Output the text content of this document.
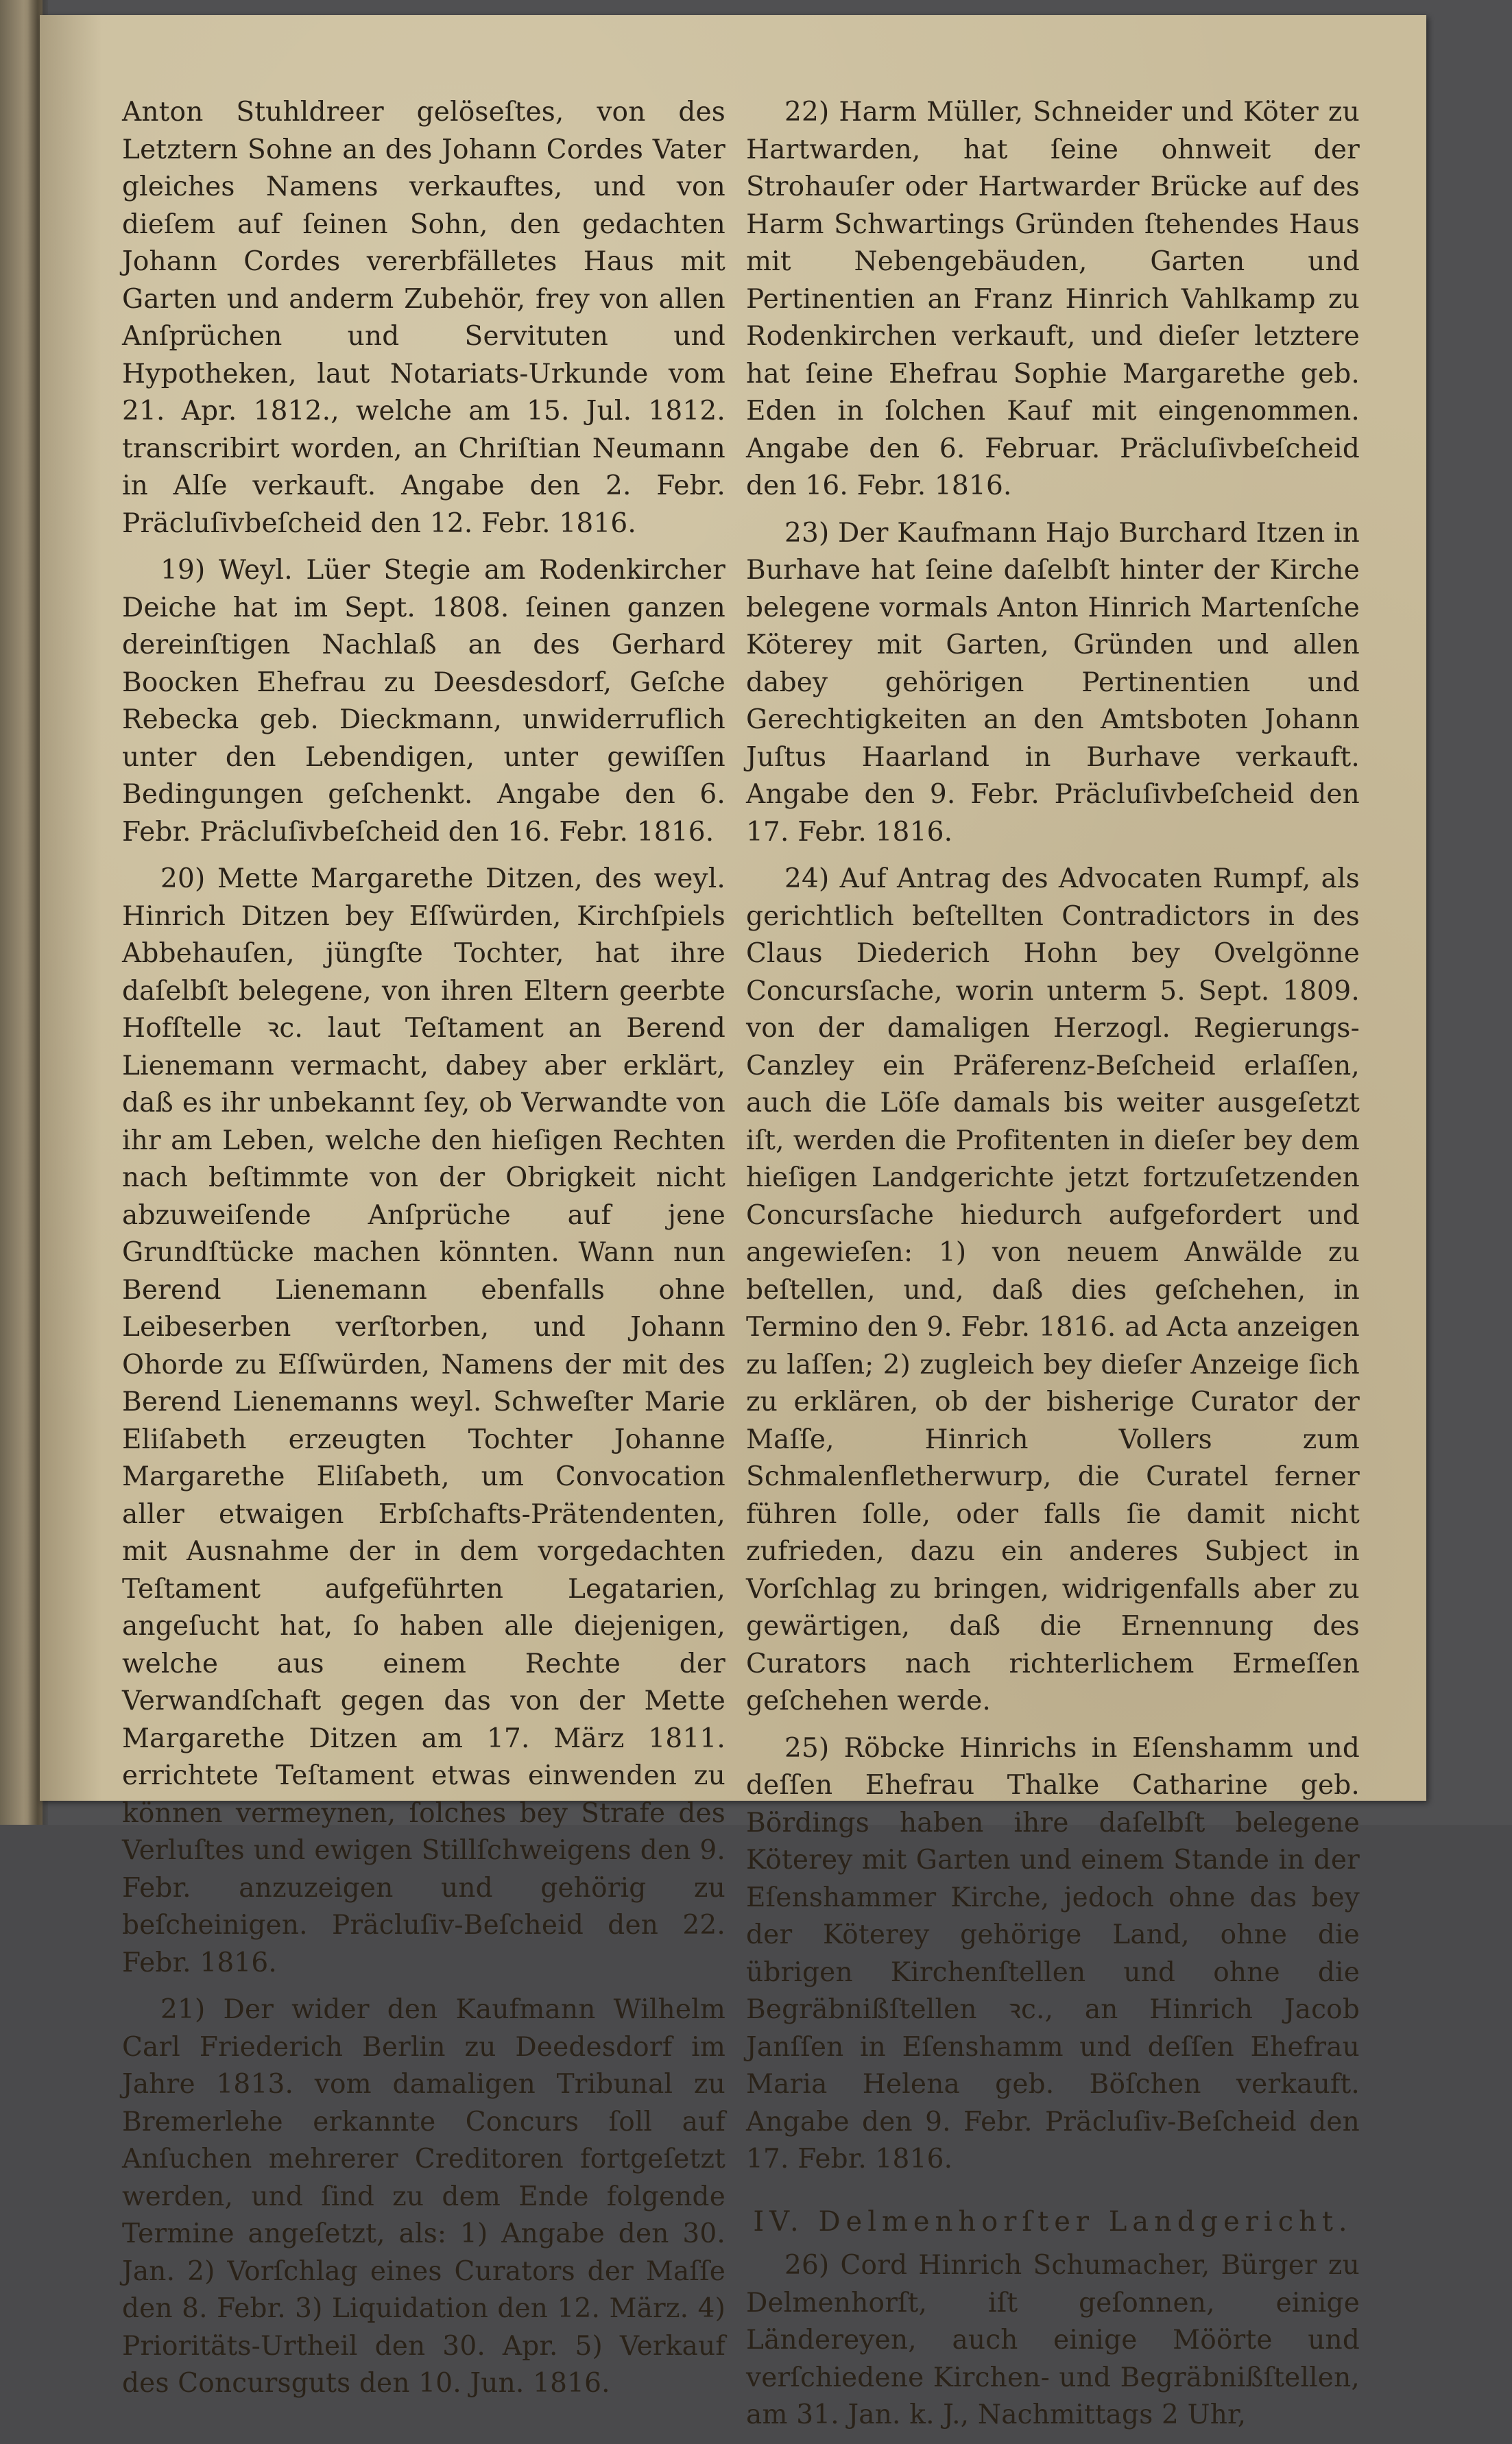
Anton Stuhldreer gelöseſtes, von des Letztern Sohne an des Johann Cordes Vater gleiches Namens verkauftes, und von dieſem auf ſeinen Sohn, den gedachten Johann Cordes vererbfälletes Haus mit Garten und anderm Zubehör, frey von allen Anſprüchen und Servituten und Hypotheken, laut Notariats-Urkunde vom 21. Apr. 1812., welche am 15. Jul. 1812. transcribirt worden, an Chriſtian Neumann in Alſe verkauft. Angabe den 2. Febr. Präcluſivbeſcheid den 12. Febr. 1816.

19) Weyl. Lüer Stegie am Rodenkircher Deiche hat im Sept. 1808. ſeinen ganzen dereinſtigen Nachlaß an des Gerhard Boocken Ehefrau zu Deesdesdorf, Geſche Rebecka geb. Dieckmann, unwiderruflich unter den Lebendigen, unter gewiſſen Bedingungen geſchenkt. Angabe den 6. Febr. Präcluſivbeſcheid den 16. Febr. 1816.

20) Mette Margarethe Ditzen, des weyl. Hinrich Ditzen bey Eſſwürden, Kirchſpiels Abbehauſen, jüngſte Tochter, hat ihre daſelbſt belegene, von ihren Eltern geerbte Hofſtelle ꝛc. laut Teſtament an Berend Lienemann vermacht, dabey aber erklärt, daß es ihr unbekannt ſey, ob Verwandte von ihr am Leben, welche den hieſigen Rechten nach beſtimmte von der Obrigkeit nicht abzuweiſende Anſprüche auf jene Grundſtücke machen könnten. Wann nun Berend Lienemann ebenfalls ohne Leibeserben verſtorben, und Johann Ohorde zu Eſſwürden, Namens der mit des Berend Lienemanns weyl. Schweſter Marie Eliſabeth erzeugten Tochter Johanne Margarethe Eliſabeth, um Convocation aller etwaigen Erbſchafts-Prätendenten, mit Ausnahme der in dem vorgedachten Teſtament aufgeführten Legatarien, angeſucht hat, ſo haben alle diejenigen, welche aus einem Rechte der Verwandſchaft gegen das von der Mette Margarethe Ditzen am 17. März 1811. errichtete Teſtament etwas einwenden zu können vermeynen, ſolches bey Strafe des Verluſtes und ewigen Stillſchweigens den 9. Febr. anzuzeigen und gehörig zu beſcheinigen. Präcluſiv-Beſcheid den 22. Febr. 1816.

21) Der wider den Kaufmann Wilhelm Carl Friederich Berlin zu Deedesdorf im Jahre 1813. vom damaligen Tribunal zu Bremerlehe erkannte Concurs ſoll auf Anſuchen mehrerer Creditoren fortgeſetzt werden, und ſind zu dem Ende folgende Termine angeſetzt, als: 1) Angabe den 30. Jan. 2) Vorſchlag eines Curators der Maſſe den 8. Febr. 3) Liquidation den 12. März. 4) Prioritäts-Urtheil den 30. Apr. 5) Verkauf des Concursguts den 10. Jun. 1816.

22) Harm Müller, Schneider und Köter zu Hartwarden, hat ſeine ohnweit der Strohauſer oder Hartwarder Brücke auf des Harm Schwartings Gründen ſtehendes Haus mit Nebengebäuden, Garten und Pertinentien an Franz Hinrich Vahlkamp zu Rodenkirchen verkauft, und dieſer letztere hat ſeine Ehefrau Sophie Margarethe geb. Eden in ſolchen Kauf mit eingenommen. Angabe den 6. Februar. Präcluſivbeſcheid den 16. Febr. 1816.

23) Der Kaufmann Hajo Burchard Itzen in Burhave hat ſeine daſelbſt hinter der Kirche belegene vormals Anton Hinrich Martenſche Köterey mit Garten, Gründen und allen dabey gehörigen Pertinentien und Gerechtigkeiten an den Amtsboten Johann Juſtus Haarland in Burhave verkauft. Angabe den 9. Febr. Präcluſivbeſcheid den 17. Febr. 1816.

24) Auf Antrag des Advocaten Rumpf, als gerichtlich beſtellten Contradictors in des Claus Diederich Hohn bey Ovelgönne Concursſache, worin unterm 5. Sept. 1809. von der damaligen Herzogl. Regierungs-Canzley ein Präferenz-Beſcheid erlaſſen, auch die Löſe damals bis weiter ausgeſetzt iſt, werden die Profitenten in dieſer bey dem hieſigen Landgerichte jetzt fortzuſetzenden Concursſache hiedurch aufgefordert und angewieſen: 1) von neuem Anwälde zu beſtellen, und, daß dies geſchehen, in Termino den 9. Febr. 1816. ad Acta anzeigen zu laſſen; 2) zugleich bey dieſer Anzeige ſich zu erklären, ob der bisherige Curator der Maſſe, Hinrich Vollers zum Schmalenfletherwurp, die Curatel ferner führen ſolle, oder falls ſie damit nicht zufrieden, dazu ein anderes Subject in Vorſchlag zu bringen, widrigenfalls aber zu gewärtigen, daß die Ernennung des Curators nach richterlichem Ermeſſen geſchehen werde.

25) Röbcke Hinrichs in Eſenshamm und deſſen Ehefrau Thalke Catharine geb. Bördings haben ihre daſelbſt belegene Köterey mit Garten und einem Stande in der Eſenshammer Kirche, jedoch ohne das bey der Köterey gehörige Land, ohne die übrigen Kirchenſtellen und ohne die Begräbnißſtellen ꝛc., an Hinrich Jacob Janſſen in Eſenshamm und deſſen Ehefrau Maria Helena geb. Böſchen verkauft. Angabe den 9. Febr. Präcluſiv-Beſcheid den 17. Febr. 1816.

IV. Delmenhorſter Landgericht.

26) Cord Hinrich Schumacher, Bürger zu Delmenhorſt, iſt geſonnen, einige Ländereyen, auch einige Möörte und verſchiedene Kirchen- und Begräbnißſtellen, am 31. Jan. k. J., Nachmittags 2 Uhr,
